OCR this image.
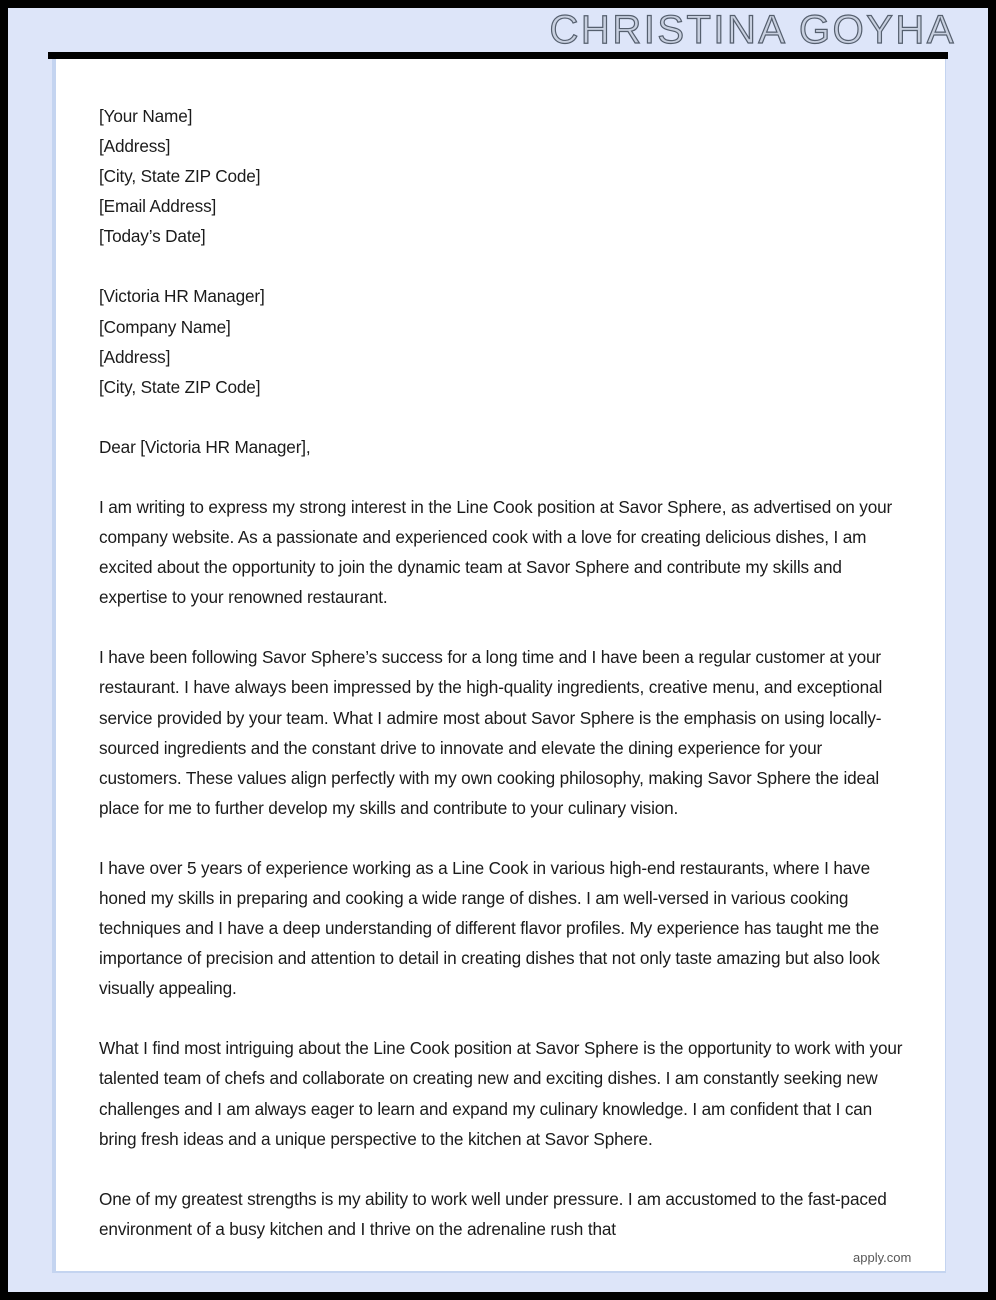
CHRISTINA GOYHA
[Your Name]
[Address]
[City, State ZIP Code]
[Email Address]
[Today’s Date]
[Victoria HR Manager]
[Company Name]
[Address]
[City, State ZIP Code]

Dear [Victoria HR Manager],

I am writing to express my strong interest in the Line Cook position at Savor Sphere, as advertised on your company website. As a passionate and experienced cook with a love for creating delicious dishes, I am excited about the opportunity to join the dynamic team at Savor Sphere and contribute my skills and expertise to your renowned restaurant.

I have been following Savor Sphere’s success for a long time and I have been a regular customer at your restaurant. I have always been impressed by the high-quality ingredients, creative menu, and exceptional service provided by your team. What I admire most about Savor Sphere is the emphasis on using locally-sourced ingredients and the constant drive to innovate and elevate the dining experience for your customers. These values align perfectly with my own cooking philosophy, making Savor Sphere the ideal place for me to further develop my skills and contribute to your culinary vision.

I have over 5 years of experience working as a Line Cook in various high-end restaurants, where I have honed my skills in preparing and cooking a wide range of dishes. I am well-versed in various cooking techniques and I have a deep understanding of different flavor profiles. My experience has taught me the importance of precision and attention to detail in creating dishes that not only taste amazing but also look visually appealing.

What I find most intriguing about the Line Cook position at Savor Sphere is the opportunity to work with your talented team of chefs and collaborate on creating new and exciting dishes. I am constantly seeking new challenges and I am always eager to learn and expand my culinary knowledge. I am confident that I can bring fresh ideas and a unique perspective to the kitchen at Savor Sphere.

One of my greatest strengths is my ability to work well under pressure. I am accustomed to the fast-paced environment of a busy kitchen and I thrive on the adrenaline rush that

apply.com
